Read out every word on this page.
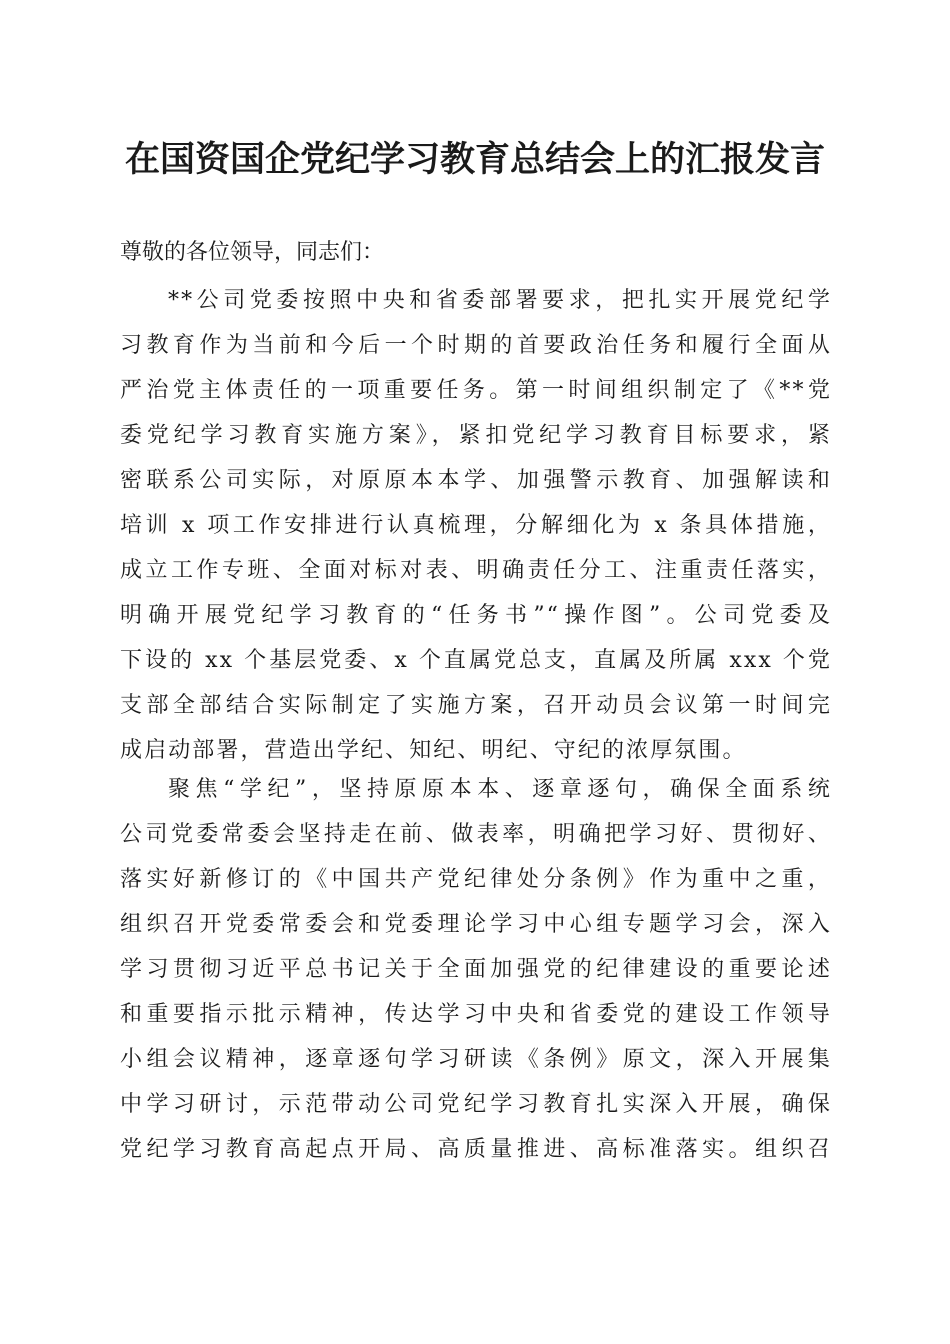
在国资国企党纪学习教育总结会上的汇报发言

尊敬的各位领导，同志们：

**公司党委按照中央和省委部署要求，把扎实开展党纪学
习教育作为当前和今后一个时期的首要政治任务和履行全面从
严治党主体责任的一项重要任务。第一时间组织制定了《**党
委党纪学习教育实施方案》，紧扣党纪学习教育目标要求，紧
密联系公司实际，对原原本本学、加强警示教育、加强解读和
培训 x 项工作安排进行认真梳理，分解细化为 x 条具体措施，
成立工作专班、全面对标对表、明确责任分工、注重责任落实，
明确开展党纪学习教育的“任务书”“操作图”。公司党委及
下设的 xx 个基层党委、x 个直属党总支，直属及所属 xxx 个党
支部全部结合实际制定了实施方案，召开动员会议第一时间完
成启动部署，营造出学纪、知纪、明纪、守纪的浓厚氛围。
聚焦“学纪”，坚持原原本本、逐章逐句，确保全面系统
公司党委常委会坚持走在前、做表率，明确把学习好、贯彻好、
落实好新修订的《中国共产党纪律处分条例》作为重中之重，
组织召开党委常委会和党委理论学习中心组专题学习会，深入
学习贯彻习近平总书记关于全面加强党的纪律建设的重要论述
和重要指示批示精神，传达学习中央和省委党的建设工作领导
小组会议精神，逐章逐句学习研读《条例》原文，深入开展集
中学习研讨，示范带动公司党纪学习教育扎实深入开展，确保
党纪学习教育高起点开局、高质量推进、高标准落实。组织召
